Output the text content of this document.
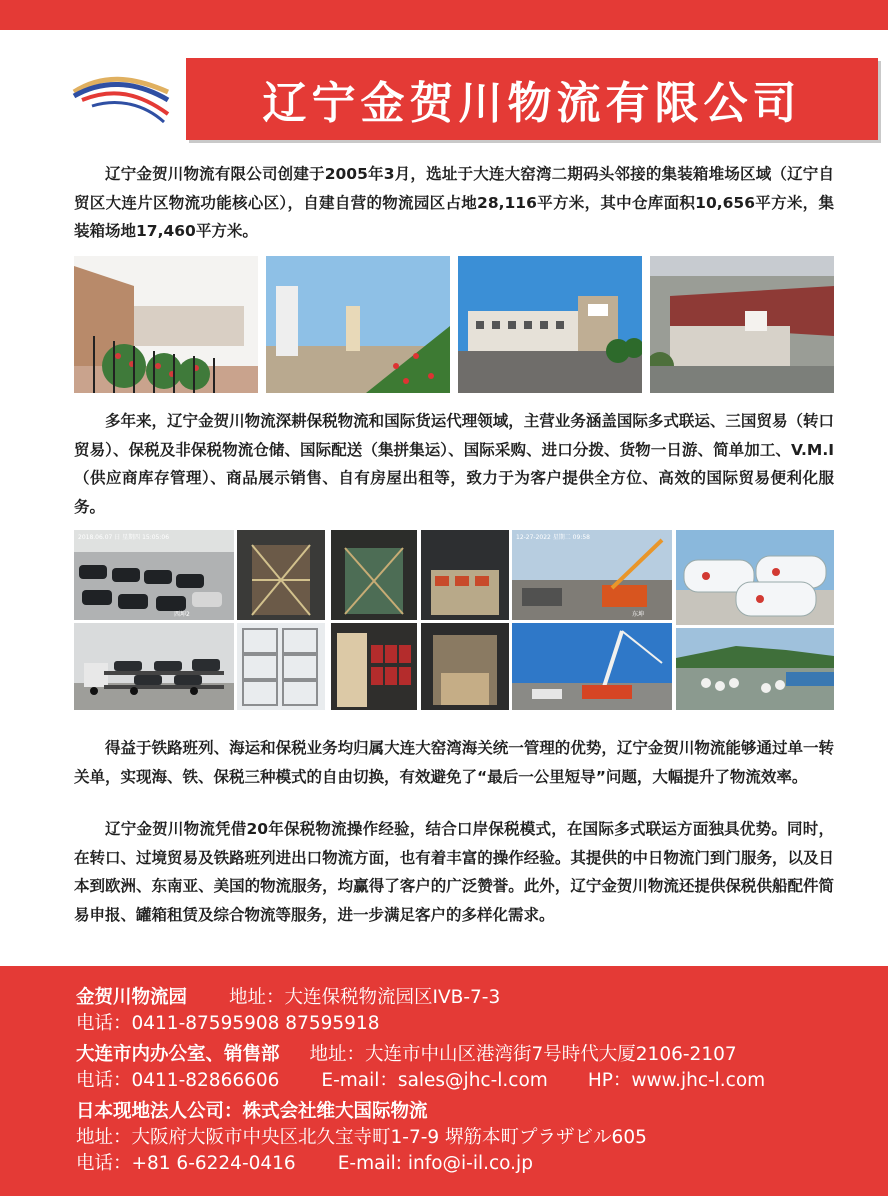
辽宁金贺川物流有限公司

辽宁金贺川物流有限公司创建于2005年3月，选址于大连大窑湾二期码头邻接的集装箱堆场区域（辽宁自贸区大连片区物流功能核心区），自建自营的物流园区占地28,116平方米，其中仓库面积10,656平方米，集装箱场地17,460平方米。

多年来，辽宁金贺川物流深耕保税物流和国际货运代理领域，主营业务涵盖国际多式联运、三国贸易（转口贸易）、保税及非保税物流仓储、国际配送（集拼集运）、国际采购、进口分拨、货物一日游、简单加工、V.M.I（供应商库存管理）、商品展示销售、自有房屋出租等，致力于为客户提供全方位、高效的国际贸易便利化服务。

2018.06.07 日 星期四 15:05:06
西坤2
12-27-2022 星期二 09:58
东坤

得益于铁路班列、海运和保税业务均归属大连大窑湾海关统一管理的优势，辽宁金贺川物流能够通过单一转关单，实现海、铁、保税三种模式的自由切换，有效避免了“最后一公里短导”问题，大幅提升了物流效率。

辽宁金贺川物流凭借20年保税物流操作经验，结合口岸保税模式，在国际多式联运方面独具优势。同时，在转口、过境贸易及铁路班列进出口物流方面，也有着丰富的操作经验。其提供的中日物流门到门服务，以及日本到欧洲、东南亚、美国的物流服务，均赢得了客户的广泛赞誉。此外，辽宁金贺川物流还提供保税供船配件简易申报、罐箱租赁及综合物流等服务，进一步满足客户的多样化需求。

金贺川物流园 地址：大连保税物流园区IVB-7-3
电话：0411-87595908 87595918
大连市内办公室、销售部 地址：大连市中山区港湾街7号時代大厦2106-2107
电话：0411-82866606 E-mail：sales@jhc-l.com HP：www.jhc-l.com
日本现地法人公司：株式会社维大国际物流
地址：大阪府大阪市中央区北久宝寺町1-7-9 堺筋本町プラザビル605
电话：+81 6-6224-0416 E-mail: info@i-il.co.jp
